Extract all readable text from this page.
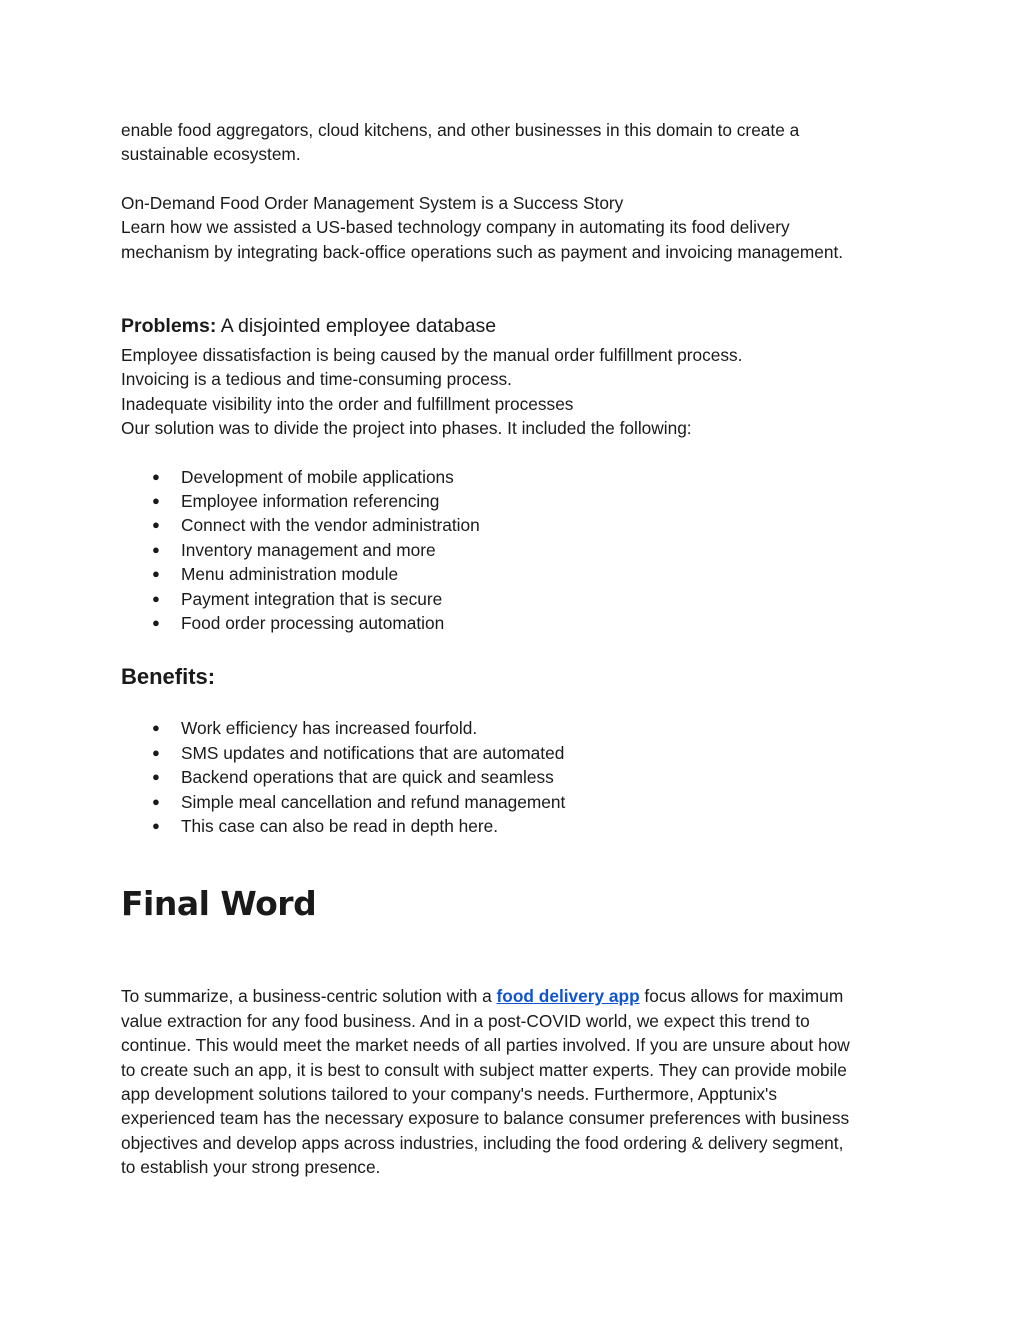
enable food aggregators, cloud kitchens, and other businesses in this domain to create a
sustainable ecosystem.
On-Demand Food Order Management System is a Success Story
Learn how we assisted a US-based technology company in automating its food delivery
mechanism by integrating back-office operations such as payment and invoicing management.
Problems: A disjointed employee database
Employee dissatisfaction is being caused by the manual order fulfillment process.
Invoicing is a tedious and time-consuming process.
Inadequate visibility into the order and fulfillment processes
Our solution was to divide the project into phases. It included the following:
● Development of mobile applications
● Employee information referencing
● Connect with the vendor administration
● Inventory management and more
● Menu administration module
● Payment integration that is secure
● Food order processing automation
Benefits:
● Work efficiency has increased fourfold.
● SMS updates and notifications that are automated
● Backend operations that are quick and seamless
● Simple meal cancellation and refund management
● This case can also be read in depth here.
Final Word
To summarize, a business-centric solution with a food delivery app focus allows for maximum
value extraction for any food business. And in a post-COVID world, we expect this trend to
continue. This would meet the market needs of all parties involved. If you are unsure about how
to create such an app, it is best to consult with subject matter experts. They can provide mobile
app development solutions tailored to your company's needs. Furthermore, Apptunix's
experienced team has the necessary exposure to balance consumer preferences with business
objectives and develop apps across industries, including the food ordering & delivery segment,
to establish your strong presence.
